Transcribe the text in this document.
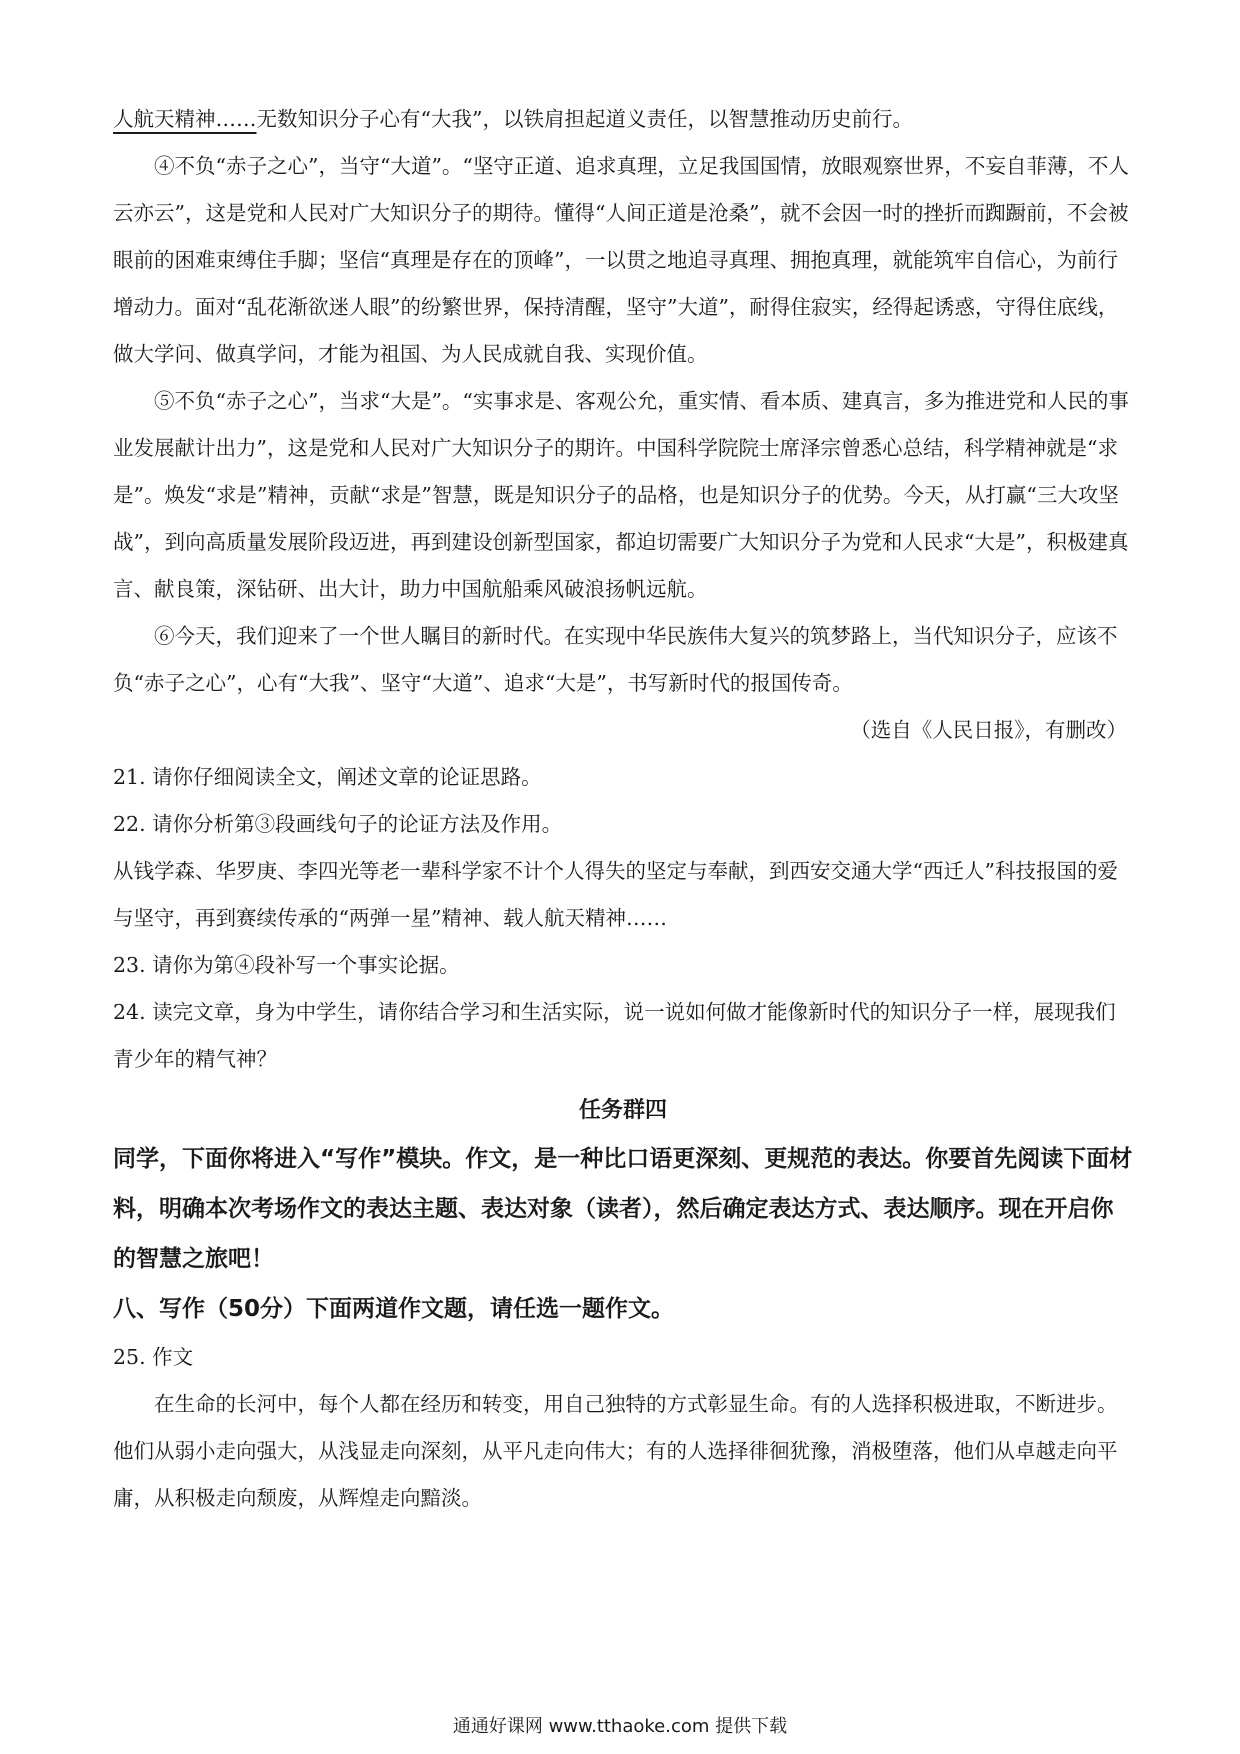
人航天精神……无数知识分子心有“大我”，以铁肩担起道义责任，以智慧推动历史前行。

④不负“赤子之心”，当守“大道”。“坚守正道、追求真理，立足我国国情，放眼观察世界，不妄自菲薄，不人云亦云”，这是党和人民对广大知识分子的期待。懂得“人间正道是沧桑”，就不会因一时的挫折而踟蹰前，不会被眼前的困难束缚住手脚；坚信“真理是存在的顶峰”，一以贯之地追寻真理、拥抱真理，就能筑牢自信心，为前行增动力。面对“乱花渐欲迷人眼”的纷繁世界，保持清醒，坚守”大道”，耐得住寂实，经得起诱惑，守得住底线，做大学问、做真学问，才能为祖国、为人民成就自我、实现价值。

⑤不负“赤子之心”，当求“大是”。“实事求是、客观公允，重实情、看本质、建真言，多为推进党和人民的事业发展献计出力”，这是党和人民对广大知识分子的期许。中国科学院院士席泽宗曾悉心总结，科学精神就是“求是”。焕发“求是”精神，贡献“求是”智慧，既是知识分子的品格，也是知识分子的优势。今天，从打赢“三大攻坚战”，到向高质量发展阶段迈进，再到建设创新型国家，都迫切需要广大知识分子为党和人民求“大是”，积极建真言、献良策，深钻研、出大计，助力中国航船乘风破浪扬帆远航。

⑥今天，我们迎来了一个世人瞩目的新时代。在实现中华民族伟大复兴的筑梦路上，当代知识分子，应该不负“赤子之心”，心有“大我”、坚守“大道”、追求“大是”，书写新时代的报国传奇。

（选自《人民日报》，有删改）

21. 请你仔细阅读全文，阐述文章的论证思路。

22. 请你分析第③段画线句子的论证方法及作用。

从钱学森、华罗庚、李四光等老一辈科学家不计个人得失的坚定与奉献，到西安交通大学“西迁人”科技报国的爱与坚守，再到赛续传承的“两弹一星”精神、载人航天精神……

23. 请你为第④段补写一个事实论据。

24. 读完文章，身为中学生，请你结合学习和生活实际，说一说如何做才能像新时代的知识分子一样，展现我们青少年的精气神？

任务群四

同学，下面你将进入“写作”模块。作文，是一种比口语更深刻、更规范的表达。你要首先阅读下面材料，明确本次考场作文的表达主题、表达对象（读者），然后确定表达方式、表达顺序。现在开启你的智慧之旅吧！

八、写作（50分）下面两道作文题，请任选一题作文。

25. 作文

在生命的长河中，每个人都在经历和转变，用自己独特的方式彰显生命。有的人选择积极进取，不断进步。他们从弱小走向强大，从浅显走向深刻，从平凡走向伟大；有的人选择徘徊犹豫，消极堕落，他们从卓越走向平庸，从积极走向颓废，从辉煌走向黯淡。

通通好课网 www.tthaoke.com 提供下载
